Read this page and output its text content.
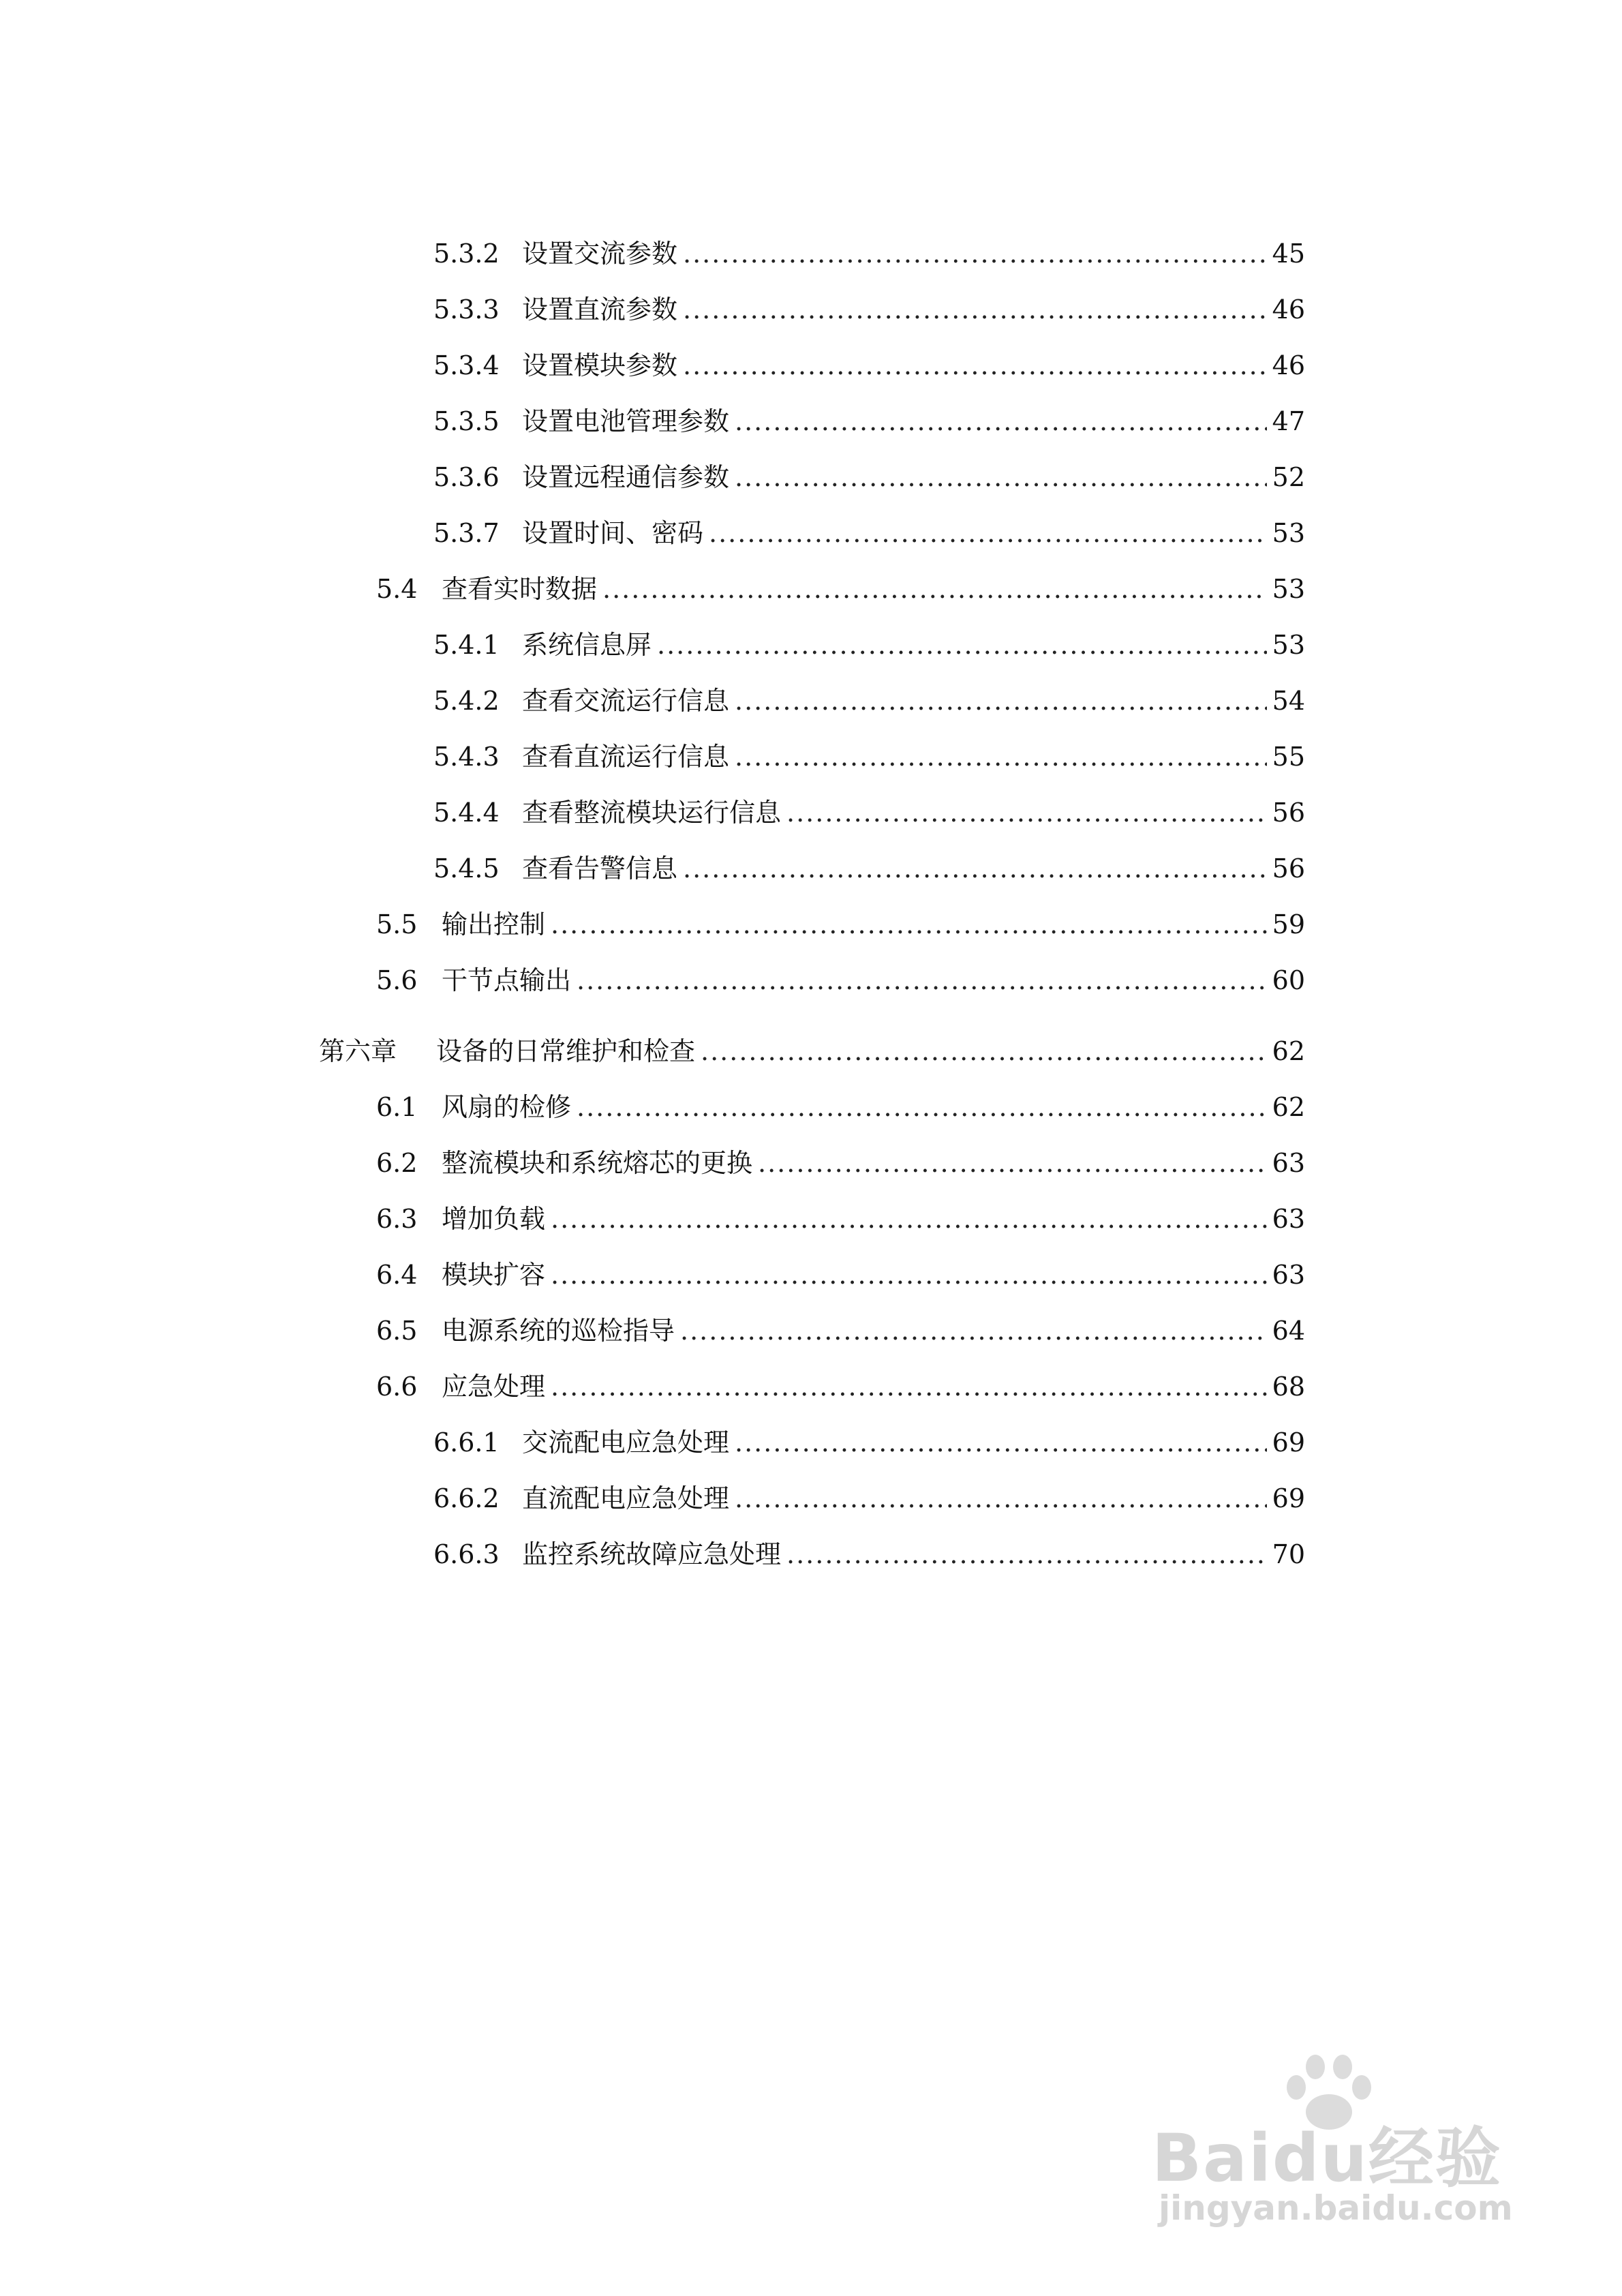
5.3.2 设置交流参数 .....	45
5.3.3 设置直流参数 .....	46
5.3.4 设置模块参数 .....	46
5.3.5 设置电池管理参数 .....	47
5.3.6 设置远程通信参数 .....	52
5.3.7 设置时间、密码 .....	53
5.4 查看实时数据 .....	53
5.4.1 系统信息屏 .....	53
5.4.2 查看交流运行信息 .....	54
5.4.3 查看直流运行信息 .....	55
5.4.4 查看整流模块运行信息 .....	56
5.4.5 查看告警信息 .....	56
5.5 输出控制 .....	59
5.6 干节点输出 .....	60
第六章	设备的日常维护和检查 .....	62
6.1 风扇的检修 .....	62
6.2 整流模块和系统熔芯的更换 .....	63
6.3 增加负载 .....	63
6.4 模块扩容 .....	63
6.5 电源系统的巡检指导 .....	64
6.6 应急处理 .....	68
6.6.1 交流配电应急处理 .....	69
6.6.2 直流配电应急处理 .....	69
6.6.3 监控系统故障应急处理 .....	70
Baidu经验
jingyan.baidu.com
